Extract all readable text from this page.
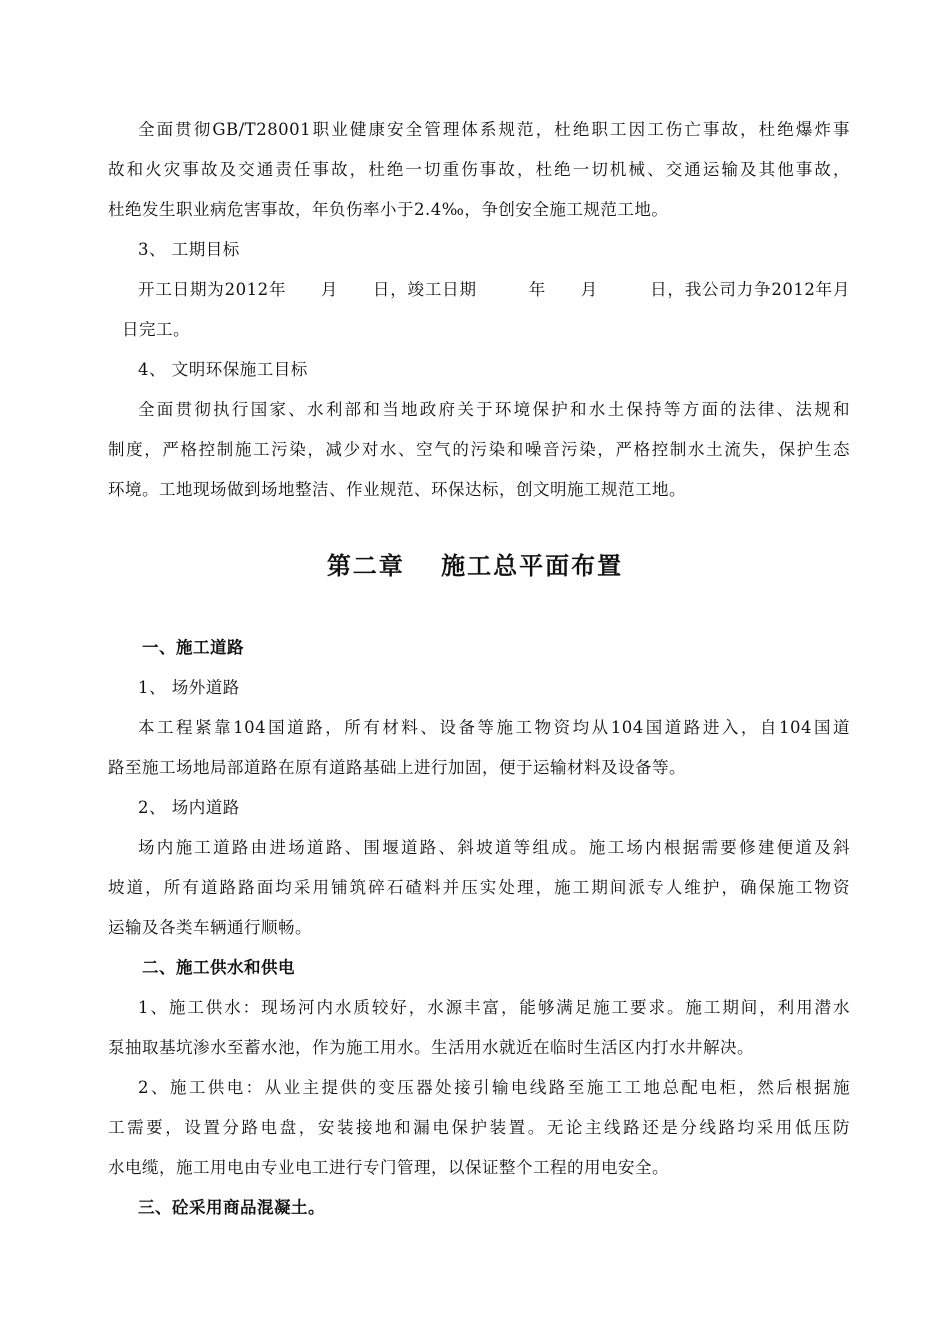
全面贯彻GB/T28001职业健康安全管理体系规范，杜绝职工因工伤亡事故，杜绝爆炸事
故和火灾事故及交通责任事故，杜绝一切重伤事故，杜绝一切机械、交通运输及其他事故，
杜绝发生职业病危害事故，年负伤率小于2.4‰，争创安全施工规范工地。
3、 工期目标
开工日期为2012年　　月　　日，竣工日期　　　年　　月　　　日，我公司力争2012年月
日完工。
4、 文明环保施工目标
全面贯彻执行国家、水利部和当地政府关于环境保护和水土保持等方面的法律、法规和
制度，严格控制施工污染，减少对水、空气的污染和噪音污染，严格控制水土流失，保护生态
环境。工地现场做到场地整洁、作业规范、环保达标，创文明施工规范工地。
第二章　 施工总平面布置
一、施工道路
1、 场外道路
本工程紧靠104国道路，所有材料、设备等施工物资均从104国道路进入，自104国道
路至施工场地局部道路在原有道路基础上进行加固，便于运输材料及设备等。
2、 场内道路
场内施工道路由进场道路、围堰道路、斜坡道等组成。施工场内根据需要修建便道及斜
坡道，所有道路路面均采用铺筑碎石碴料并压实处理，施工期间派专人维护，确保施工物资
运输及各类车辆通行顺畅。
二、施工供水和供电
1、施工供水：现场河内水质较好，水源丰富，能够满足施工要求。施工期间，利用潜水
泵抽取基坑渗水至蓄水池，作为施工用水。生活用水就近在临时生活区内打水井解决。
2、施工供电：从业主提供的变压器处接引输电线路至施工工地总配电柜，然后根据施
工需要，设置分路电盘，安装接地和漏电保护装置。无论主线路还是分线路均采用低压防
水电缆，施工用电由专业电工进行专门管理，以保证整个工程的用电安全。
三、砼采用商品混凝土。
